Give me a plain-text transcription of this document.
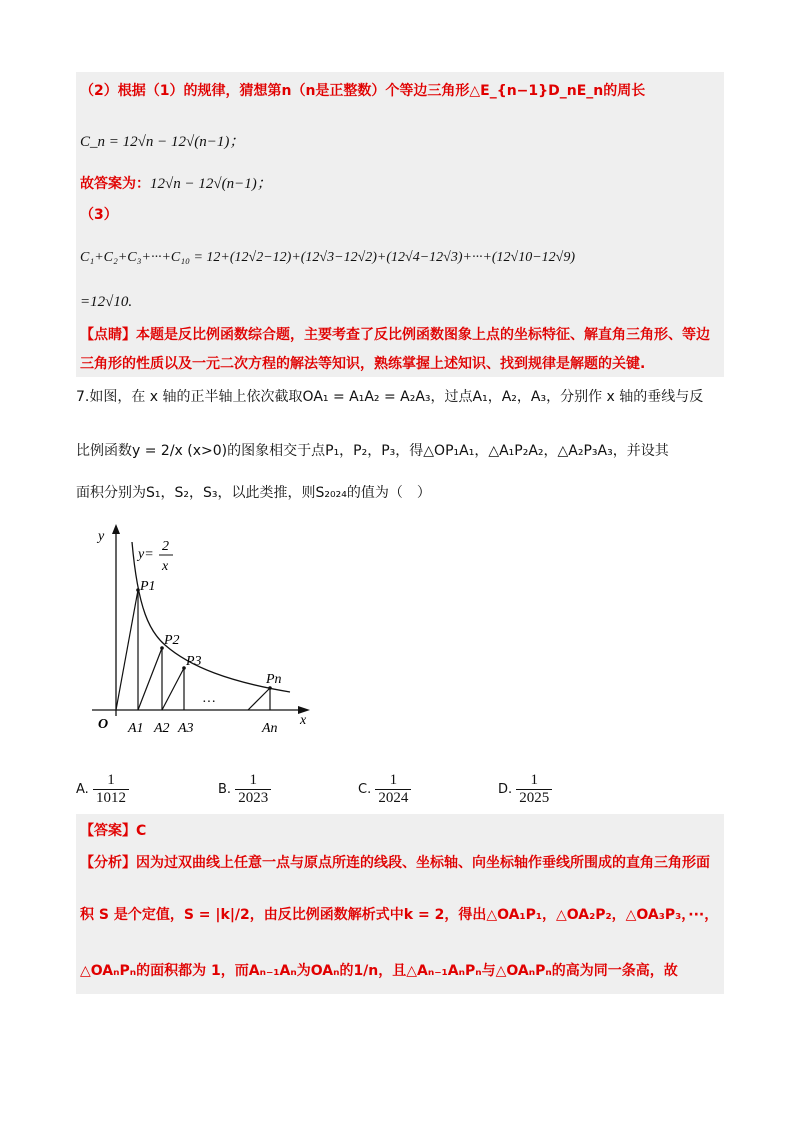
（2）根据（1）的规律，猜想第n（n是正整数）个等边三角形△E_{n−1}D_nE_n的周长
C_n = 12√n − 12√(n−1)；
故答案为：12√n − 12√(n−1)；
（3）
C₁+C₂+C₃+···+C₁₀ = 12+(12√2−12)+(12√3−12√2)+(12√4−12√3)+···+(12√10−12√9)
=12√10.
【点睛】本题是反比例函数综合题，主要考查了反比例函数图象上点的坐标特征、解直角三角形、等边
三角形的性质以及一元二次方程的解法等知识，熟练掌握上述知识、找到规律是解题的关键.
7.如图，在 x 轴的正半轴上依次截取OA₁ = A₁A₂ = A₂A₃，过点A₁，A₂，A₃，分别作 x 轴的垂线与反
比例函数y = 2/x (x>0)的图象相交于点P₁，P₂，P₃，得△OP₁A₁，△A₁P₂A₂，△A₂P₃A₃，并设其
面积分别为S₁，S₂，S₃，以此类推，则S₂₀₂₄的值为（　）
y
x
O
y=
2
x
P1
P2
P3
Pn
A1 A2 A3	An
···
A. $\frac{1}{1012}$	B. $\frac{1}{2023}$	C. $\frac{1}{2024}$	D. $\frac{1}{2025}$
【答案】C
【分析】因为过双曲线上任意一点与原点所连的线段、坐标轴、向坐标轴作垂线所围成的直角三角形面
积 S 是个定值，S = |k|/2，由反比例函数解析式中k = 2，得出△OA₁P₁，△OA₂P₂，△OA₃P₃，···，
△OAₙPₙ的面积都为 1，而Aₙ₋₁Aₙ为OAₙ的1/n，且△Aₙ₋₁AₙPₙ与△OAₙPₙ的高为同一条高，故
